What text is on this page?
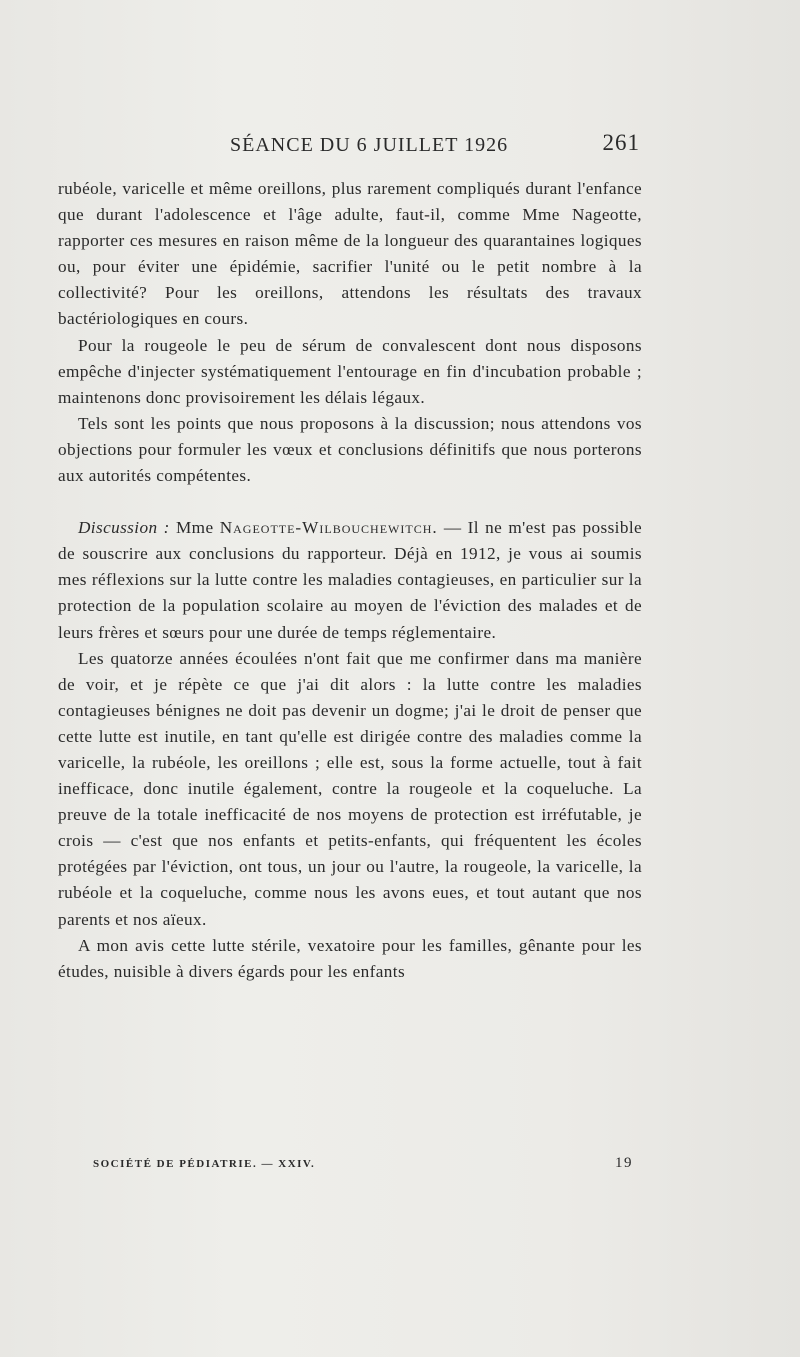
SÉANCE DU 6 JUILLET 1926	261

rubéole, varicelle et même oreillons, plus rarement compliqués durant l'enfance que durant l'adolescence et l'âge adulte, faut-il, comme Mme Nageotte, rapporter ces mesures en raison même de la longueur des quarantaines logiques ou, pour éviter une épidémie, sacrifier l'unité ou le petit nombre à la collectivité? Pour les oreillons, attendons les résultats des travaux bactériologiques en cours.

Pour la rougeole le peu de sérum de convalescent dont nous disposons empêche d'injecter systématiquement l'entourage en fin d'incubation probable ; maintenons donc provisoirement les délais légaux.

Tels sont les points que nous proposons à la discussion; nous attendons vos objections pour formuler les vœux et conclusions définitifs que nous porterons aux autorités compétentes.

Discussion : Mme Nageotte-Wilbouchewitch. — Il ne m'est pas possible de souscrire aux conclusions du rapporteur. Déjà en 1912, je vous ai soumis mes réflexions sur la lutte contre les maladies contagieuses, en particulier sur la protection de la population scolaire au moyen de l'éviction des malades et de leurs frères et sœurs pour une durée de temps réglementaire.

Les quatorze années écoulées n'ont fait que me confirmer dans ma manière de voir, et je répète ce que j'ai dit alors : la lutte contre les maladies contagieuses bénignes ne doit pas devenir un dogme; j'ai le droit de penser que cette lutte est inutile, en tant qu'elle est dirigée contre des maladies comme la varicelle, la rubéole, les oreillons ; elle est, sous la forme actuelle, tout à fait inefficace, donc inutile également, contre la rougeole et la coqueluche. La preuve de la totale inefficacité de nos moyens de protection est irréfutable, je crois — c'est que nos enfants et petits-enfants, qui fréquentent les écoles protégées par l'éviction, ont tous, un jour ou l'autre, la rougeole, la varicelle, la rubéole et la coqueluche, comme nous les avons eues, et tout autant que nos parents et nos aïeux.

A mon avis cette lutte stérile, vexatoire pour les familles, gênante pour les études, nuisible à divers égards pour les enfants

SOCIÉTÉ DE PÉDIATRIE. — XXIV.	19
